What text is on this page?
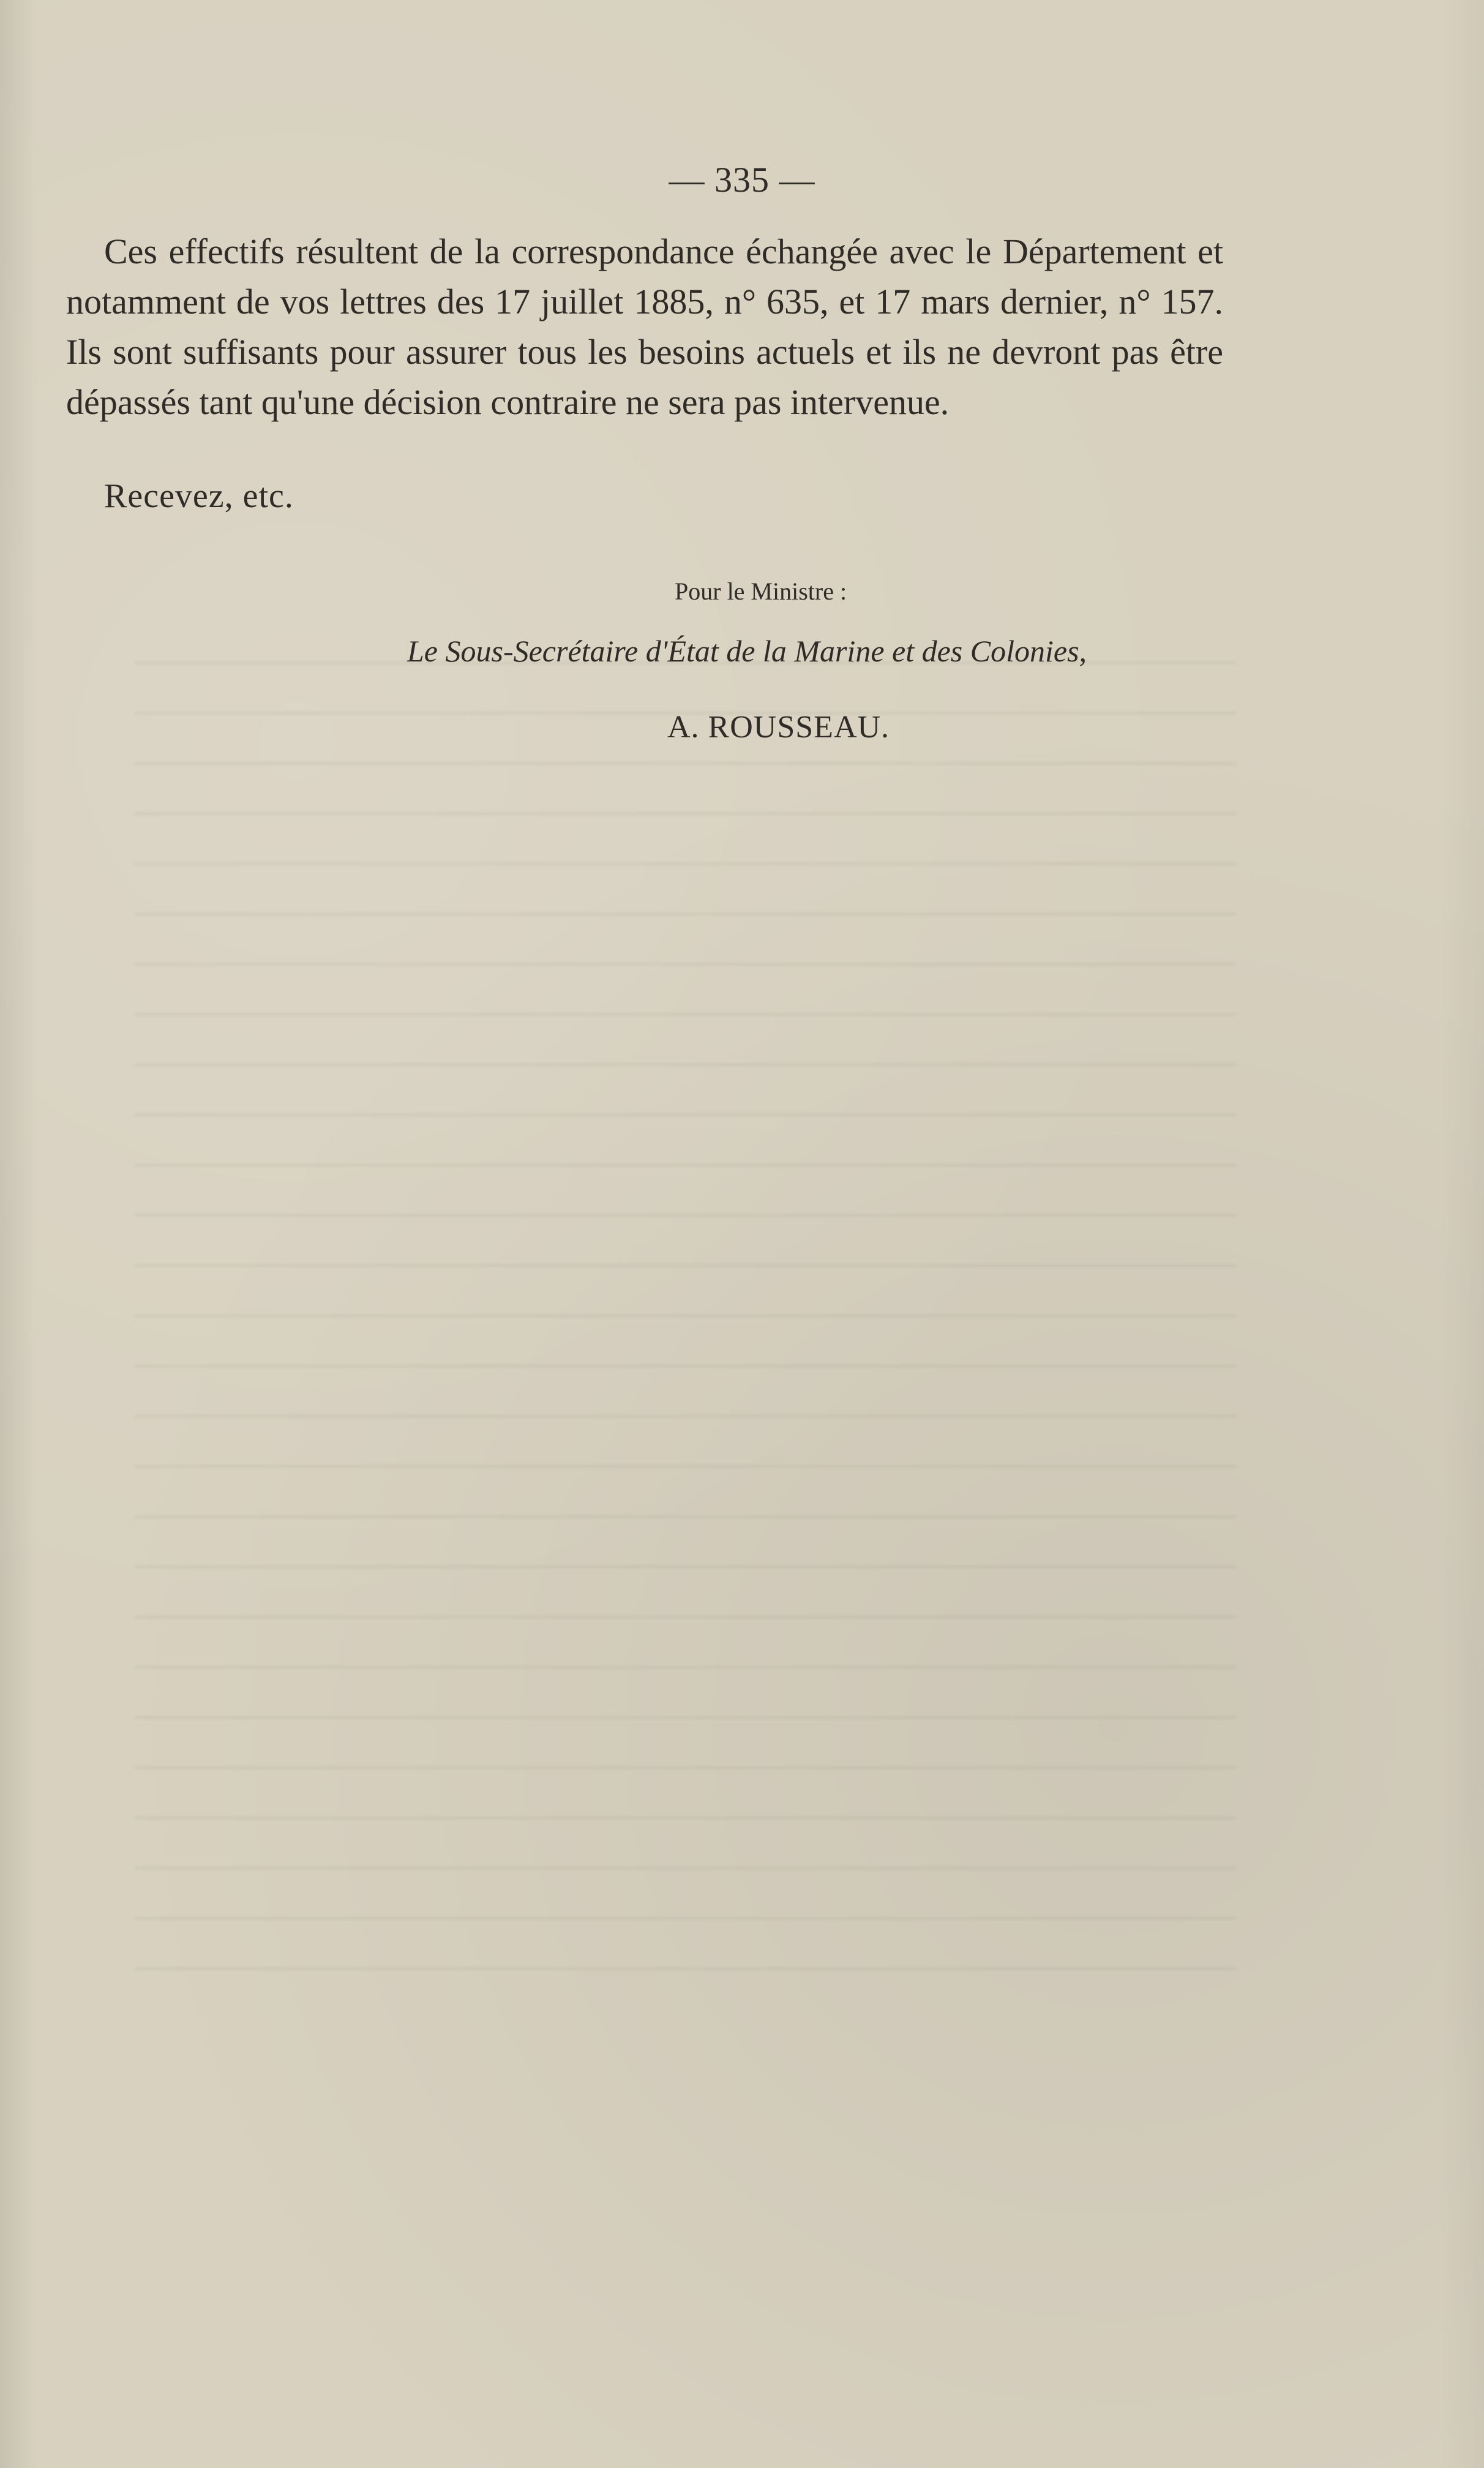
— 335 —
Ces effectifs résultent de la correspondance échangée avec le Département et notamment de vos lettres des 17 juillet 1885, n° 635, et 17 mars dernier, n° 157. Ils sont suffisants pour assurer tous les besoins actuels et ils ne devront pas être dépassés tant qu'une décision contraire ne sera pas intervenue.
Recevez, etc.
Pour le Ministre :
Le Sous-Secrétaire d'État de la Marine et des Colonies,
A. ROUSSEAU.
